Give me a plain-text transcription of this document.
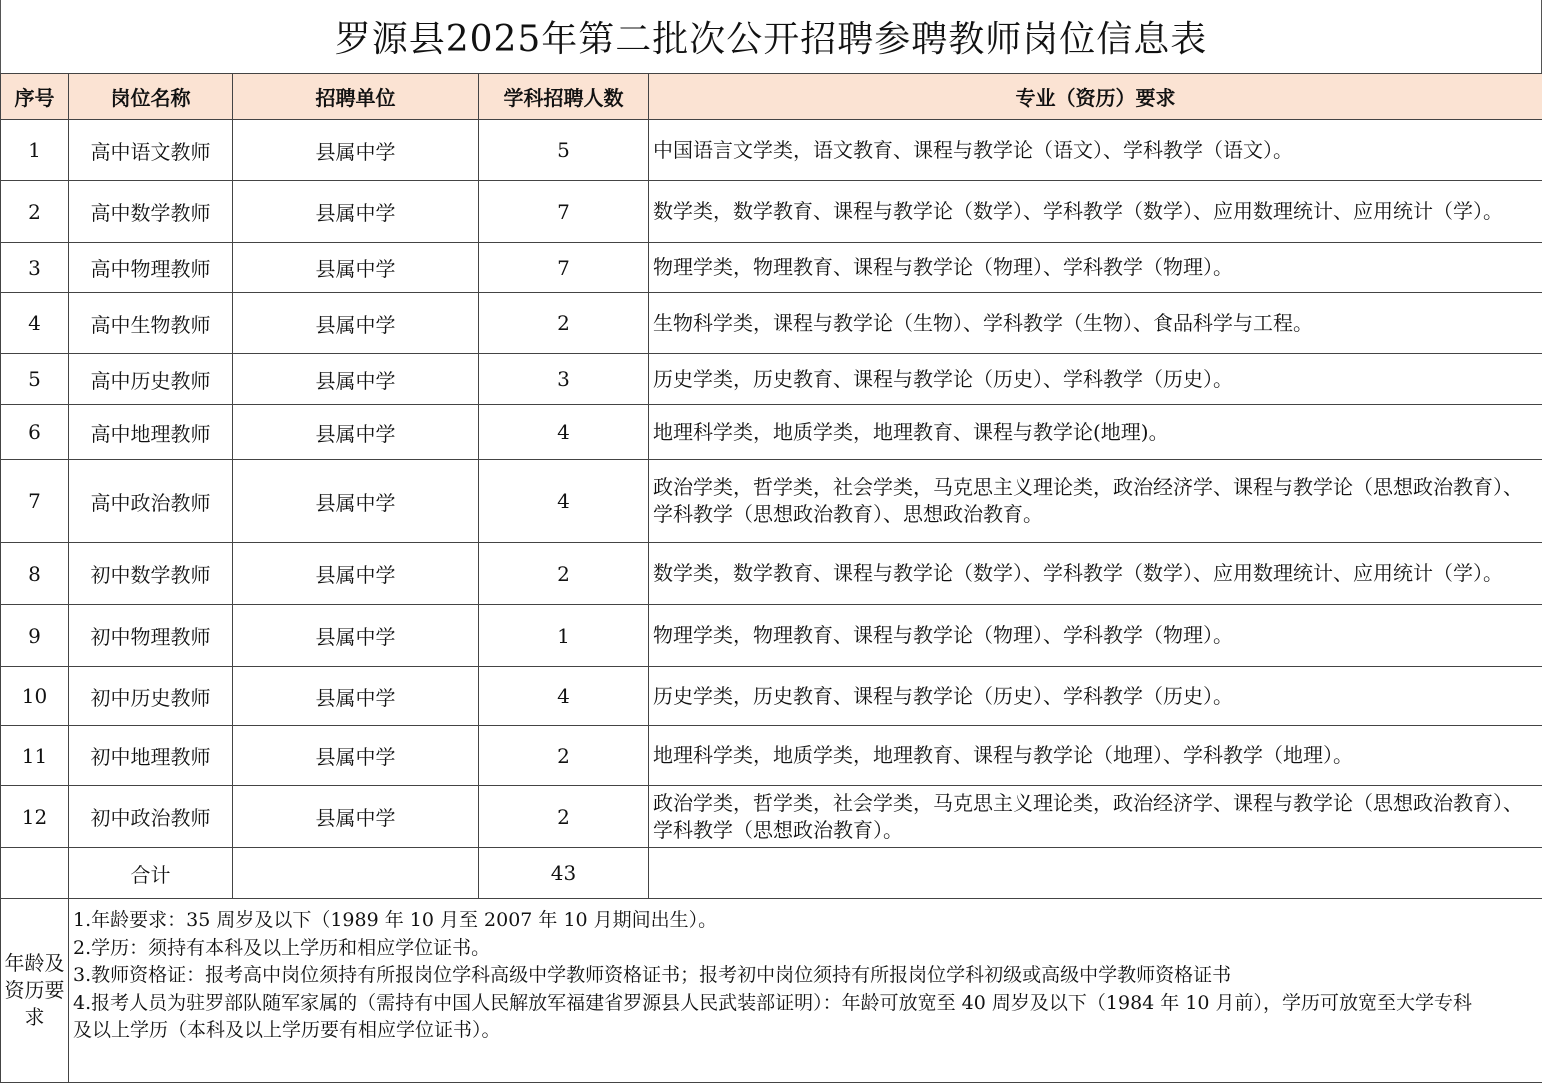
罗源县2025年第二批次公开招聘参聘教师岗位信息表
序号	岗位名称	招聘单位	学科招聘人数	专业（资历）要求
1	高中语文教师	县属中学	5	中国语言文学类，语文教育、课程与教学论（语文）、学科教学（语文）。
2	高中数学教师	县属中学	7	数学类，数学教育、课程与教学论（数学）、学科教学（数学）、应用数理统计、应用统计（学）。
3	高中物理教师	县属中学	7	物理学类，物理教育、课程与教学论（物理）、学科教学（物理）。
4	高中生物教师	县属中学	2	生物科学类，课程与教学论（生物）、学科教学（生物）、食品科学与工程。
5	高中历史教师	县属中学	3	历史学类，历史教育、课程与教学论（历史）、学科教学（历史）。
6	高中地理教师	县属中学	4	地理科学类，地质学类，地理教育、课程与教学论(地理)。
7	高中政治教师	县属中学	4	政治学类，哲学类，社会学类，马克思主义理论类，政治经济学、课程与教学论（思想政治教育）、学科教学（思想政治教育）、思想政治教育。
8	初中数学教师	县属中学	2	数学类，数学教育、课程与教学论（数学）、学科教学（数学）、应用数理统计、应用统计（学）。
9	初中物理教师	县属中学	1	物理学类，物理教育、课程与教学论（物理）、学科教学（物理）。
10	初中历史教师	县属中学	4	历史学类，历史教育、课程与教学论（历史）、学科教学（历史）。
11	初中地理教师	县属中学	2	地理科学类，地质学类，地理教育、课程与教学论（地理）、学科教学（地理）。
12	初中政治教师	县属中学	2	政治学类，哲学类，社会学类，马克思主义理论类，政治经济学、课程与教学论（思想政治教育）、学科教学（思想政治教育）。
	合计		43	
年龄及资历要求	1.年龄要求：35 周岁及以下（1989 年 10 月至 2007 年 10 月期间出生）。
2.学历：须持有本科及以上学历和相应学位证书。
3.教师资格证：报考高中岗位须持有所报岗位学科高级中学教师资格证书；报考初中岗位须持有所报岗位学科初级或高级中学教师资格证书
4.报考人员为驻罗部队随军家属的（需持有中国人民解放军福建省罗源县人民武装部证明）：年龄可放宽至 40 周岁及以下（1984 年 10 月前），学历可放宽至大学专科
及以上学历（本科及以上学历要有相应学位证书）。			
